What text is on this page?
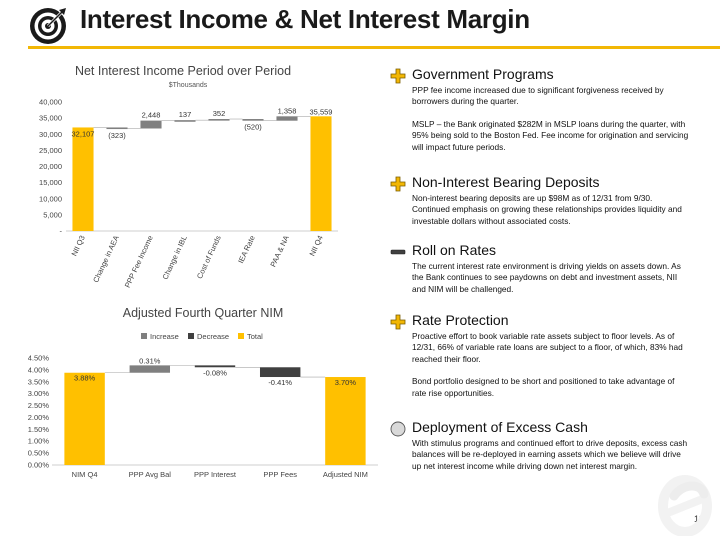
Interest Income & Net Interest Margin
Net Interest Income Period over Period
$Thousands
-
5,000
10,000
15,000
20,000
25,000
30,000
35,000
40,000
32,107 (323)
2,448 137	352
(520)
1,358 35,559
NII Q3 Change in AEA PPP Fee Income Change in IBL Cost of Funds IEA Rate PAA & NA NII Q4
Adjusted Fourth Quarter NIM
Increase Decrease Total
0.00%
0.50%
1.00%
1.50%
2.00%
2.50%
3.00%
3.50%
4.00%
4.50%
3.88%
0.31%
-0.08%
-0.41%	3.70%
NIM Q4	PPP Avg Bal	PPP Interest	PPP Fees	Adjusted NIM
Government Programs

PPP fee income increased due to significant forgiveness received by borrowers during the quarter.

MSLP – the Bank originated $282M in MSLP loans during the quarter, with 95% being sold to the Boston Fed. Fee income for origination and servicing will impact future periods.

Non-Interest Bearing Deposits

Non-interest bearing deposits are up $98M as of 12/31 from 9/30. Continued emphasis on growing these relationships provides liquidity and investable dollars without associated costs.

Roll on Rates

The current interest rate environment is driving yields on assets down. As the Bank continues to see paydowns on debt and investment assets, NII and NIM will be challenged.

Rate Protection

Proactive effort to book variable rate assets subject to floor levels. As of 12/31, 66% of variable rate loans are subject to a floor, of which, 83% had reached their floor.

Bond portfolio designed to be short and positioned to take advantage of rate rise opportunities.

Deployment of Excess Cash

With stimulus programs and continued effort to drive deposits, excess cash balances will be re-deployed in earning assets which we believe will drive up net interest income while driving down net interest margin.

18
